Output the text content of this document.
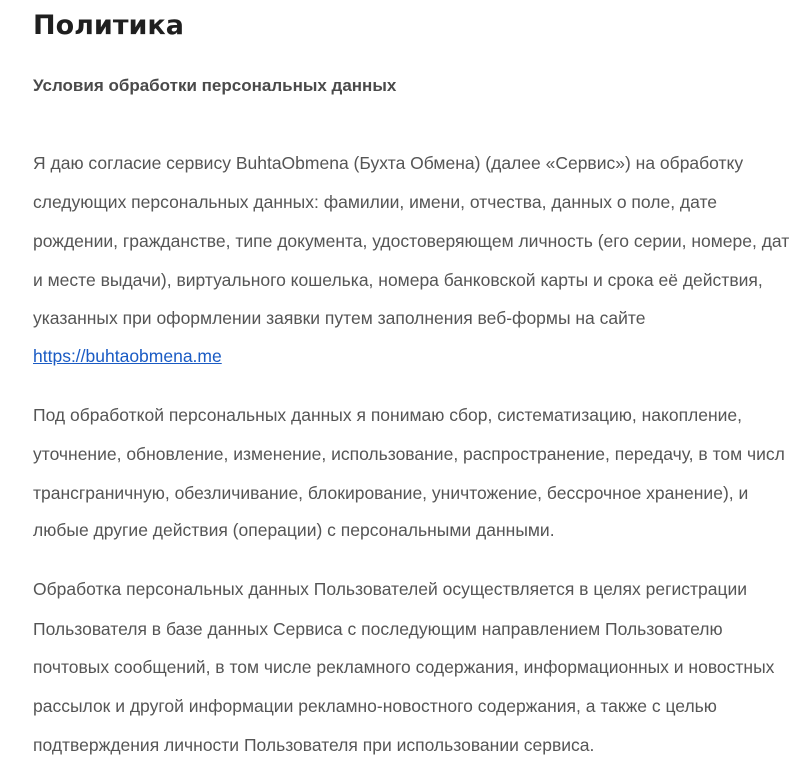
Политика
Условия обработки персональных данных
Я даю согласие сервису BuhtaObmena (Бухта Обмена) (далее «Сервис») на обработку
следующих персональных данных: фамилии, имени, отчества, данных о поле, дате
рождении, гражданстве, типе документа, удостоверяющем личность (его серии, номере, дат
и месте выдачи), виртуального кошелька, номера банковской карты и срока её действия,
указанных при оформлении заявки путем заполнения веб-формы на сайте
https://buhtaobmena.me
Под обработкой персональных данных я понимаю сбор, систематизацию, накопление,
уточнение, обновление, изменение, использование, распространение, передачу, в том числ
трансграничную, обезличивание, блокирование, уничтожение, бессрочное хранение), и
любые другие действия (операции) с персональными данными.
Обработка персональных данных Пользователей осуществляется в целях регистрации
Пользователя в базе данных Сервиса с последующим направлением Пользователю
почтовых сообщений, в том числе рекламного содержания, информационных и новостных
рассылок и другой информации рекламно-новостного содержания, а также с целью
подтверждения личности Пользователя при использовании сервиса.
